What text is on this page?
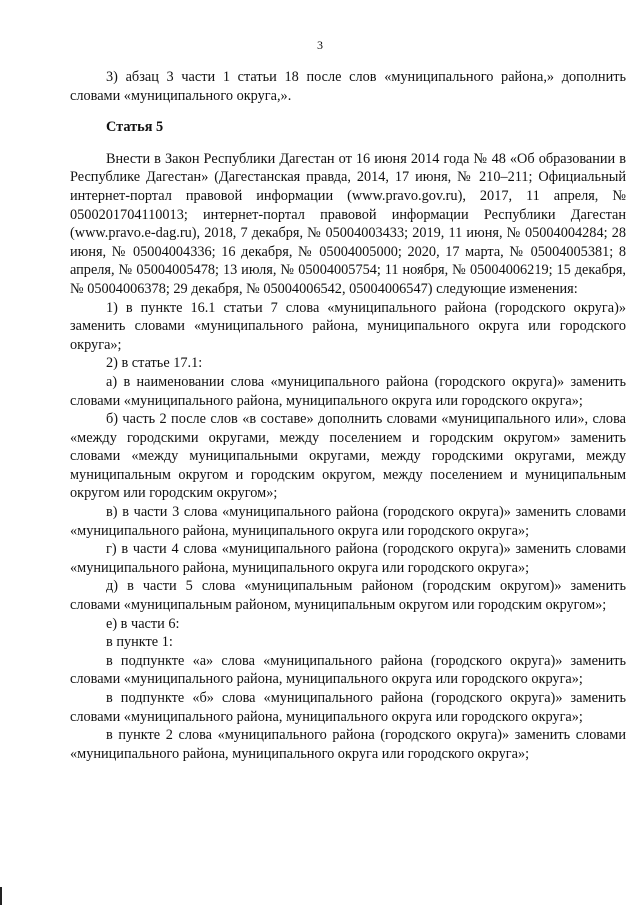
3

3) абзац 3 части 1 статьи 18 после слов «муниципального района,» дополнить словами «муниципального округа,».

Статья 5

Внести в Закон Республики Дагестан от 16 июня 2014 года № 48 «Об образовании в Республике Дагестан» (Дагестанская правда, 2014, 17 июня, № 210–211; Официальный интернет-портал правовой информации (www.pravo.gov.ru), 2017, 11 апреля, № 0500201704110013; интернет-портал правовой информации Республики Дагестан (www.pravo.e-dag.ru), 2018, 7 декабря, № 05004003433; 2019, 11 июня, № 05004004284; 28 июня, № 05004004336; 16 декабря, № 05004005000; 2020, 17 марта, № 05004005381; 8 апреля, № 05004005478; 13 июля, № 05004005754; 11 ноября, № 05004006219; 15 декабря, № 05004006378; 29 декабря, № 05004006542, 05004006547) следующие изменения:

1) в пункте 16.1 статьи 7 слова «муниципального района (городского округа)» заменить словами «муниципального района, муниципального округа или городского округа»;

2) в статье 17.1:

а) в наименовании слова «муниципального района (городского округа)» заменить словами «муниципального района, муниципального округа или городского округа»;

б) часть 2 после слов «в составе» дополнить словами «муниципального или», слова «между городскими округами, между поселением и городским округом» заменить словами «между муниципальными округами, между городскими округами, между муниципальным округом и городским округом, между поселением и муниципальным округом или городским округом»;

в) в части 3 слова «муниципального района (городского округа)» заменить словами «муниципального района, муниципального округа или городского округа»;

г) в части 4 слова «муниципального района (городского округа)» заменить словами «муниципального района, муниципального округа или городского округа»;

д) в части 5 слова «муниципальным районом (городским округом)» заменить словами «муниципальным районом, муниципальным округом или городским округом»;

е) в части 6:

в пункте 1:

в подпункте «а» слова «муниципального района (городского округа)» заменить словами «муниципального района, муниципального округа или городского округа»;

в подпункте «б» слова «муниципального района (городского округа)» заменить словами «муниципального района, муниципального округа или городского округа»;

в пункте 2 слова «муниципального района (городского округа)» заменить словами «муниципального района, муниципального округа или городского округа»;
